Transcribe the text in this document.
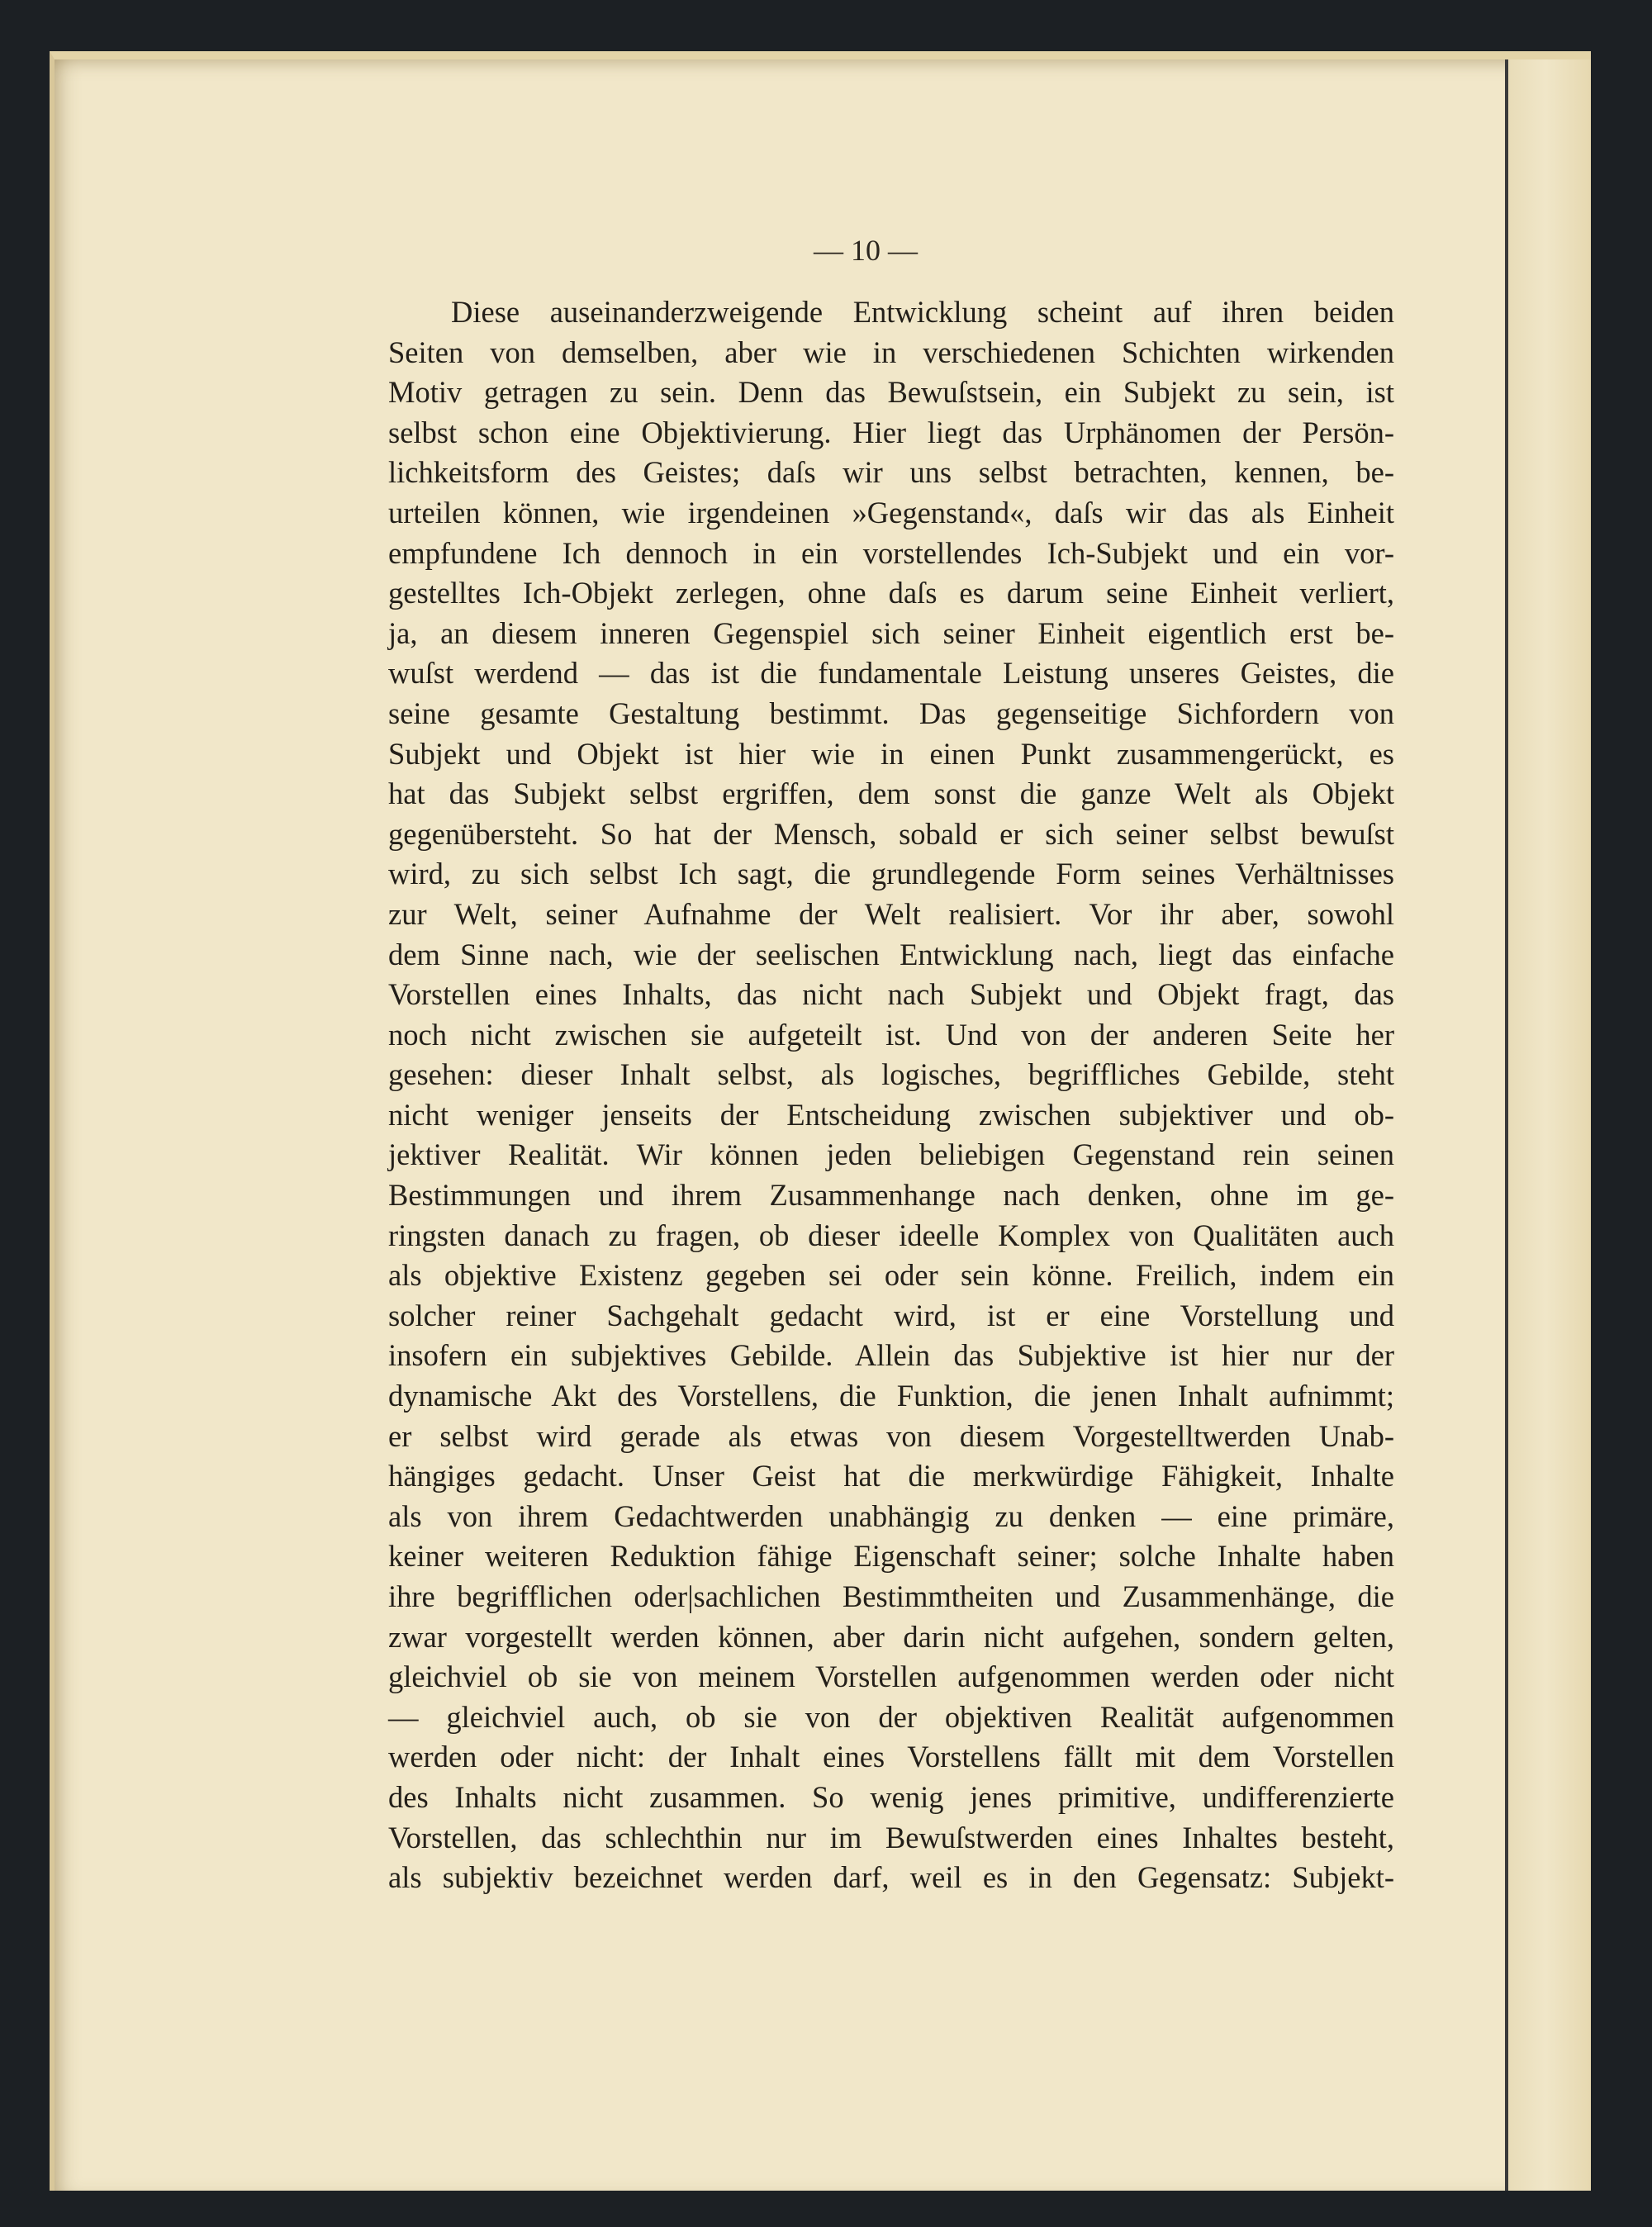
— 10 —
Diese auseinanderzweigende Entwicklung scheint auf ihren beiden
Seiten von demselben, aber wie in verschiedenen Schichten wirkenden
Motiv getragen zu sein. Denn das Bewuſstsein, ein Subjekt zu sein, ist
selbst schon eine Objektivierung. Hier liegt das Urphänomen der Persön-
lichkeitsform des Geistes; daſs wir uns selbst betrachten, kennen, be-
urteilen können, wie irgendeinen »Gegenstand«, daſs wir das als Einheit
empfundene Ich dennoch in ein vorstellendes Ich-Subjekt und ein vor-
gestelltes Ich-Objekt zerlegen, ohne daſs es darum seine Einheit verliert,
ja, an diesem inneren Gegenspiel sich seiner Einheit eigentlich erst be-
wuſst werdend — das ist die fundamentale Leistung unseres Geistes, die
seine gesamte Gestaltung bestimmt. Das gegenseitige Sichfordern von
Subjekt und Objekt ist hier wie in einen Punkt zusammengerückt, es
hat das Subjekt selbst ergriffen, dem sonst die ganze Welt als Objekt
gegenübersteht. So hat der Mensch, sobald er sich seiner selbst bewuſst
wird, zu sich selbst Ich sagt, die grundlegende Form seines Verhältnisses
zur Welt, seiner Aufnahme der Welt realisiert. Vor ihr aber, sowohl
dem Sinne nach, wie der seelischen Entwicklung nach, liegt das einfache
Vorstellen eines Inhalts, das nicht nach Subjekt und Objekt fragt, das
noch nicht zwischen sie aufgeteilt ist. Und von der anderen Seite her
gesehen: dieser Inhalt selbst, als logisches, begriffliches Gebilde, steht
nicht weniger jenseits der Entscheidung zwischen subjektiver und ob-
jektiver Realität. Wir können jeden beliebigen Gegenstand rein seinen
Bestimmungen und ihrem Zusammenhange nach denken, ohne im ge-
ringsten danach zu fragen, ob dieser ideelle Komplex von Qualitäten auch
als objektive Existenz gegeben sei oder sein könne. Freilich, indem ein
solcher reiner Sachgehalt gedacht wird, ist er eine Vorstellung und
insofern ein subjektives Gebilde. Allein das Subjektive ist hier nur der
dynamische Akt des Vorstellens, die Funktion, die jenen Inhalt aufnimmt;
er selbst wird gerade als etwas von diesem Vorgestelltwerden Unab-
hängiges gedacht. Unser Geist hat die merkwürdige Fähigkeit, Inhalte
als von ihrem Gedachtwerden unabhängig zu denken — eine primäre,
keiner weiteren Reduktion fähige Eigenschaft seiner; solche Inhalte haben
ihre begrifflichen oder|sachlichen Bestimmtheiten und Zusammenhänge, die
zwar vorgestellt werden können, aber darin nicht aufgehen, sondern gelten,
gleichviel ob sie von meinem Vorstellen aufgenommen werden oder nicht
— gleichviel auch, ob sie von der objektiven Realität aufgenommen
werden oder nicht: der Inhalt eines Vorstellens fällt mit dem Vorstellen
des Inhalts nicht zusammen. So wenig jenes primitive, undifferenzierte
Vorstellen, das schlechthin nur im Bewuſstwerden eines Inhaltes besteht,
als subjektiv bezeichnet werden darf, weil es in den Gegensatz: Subjekt-
